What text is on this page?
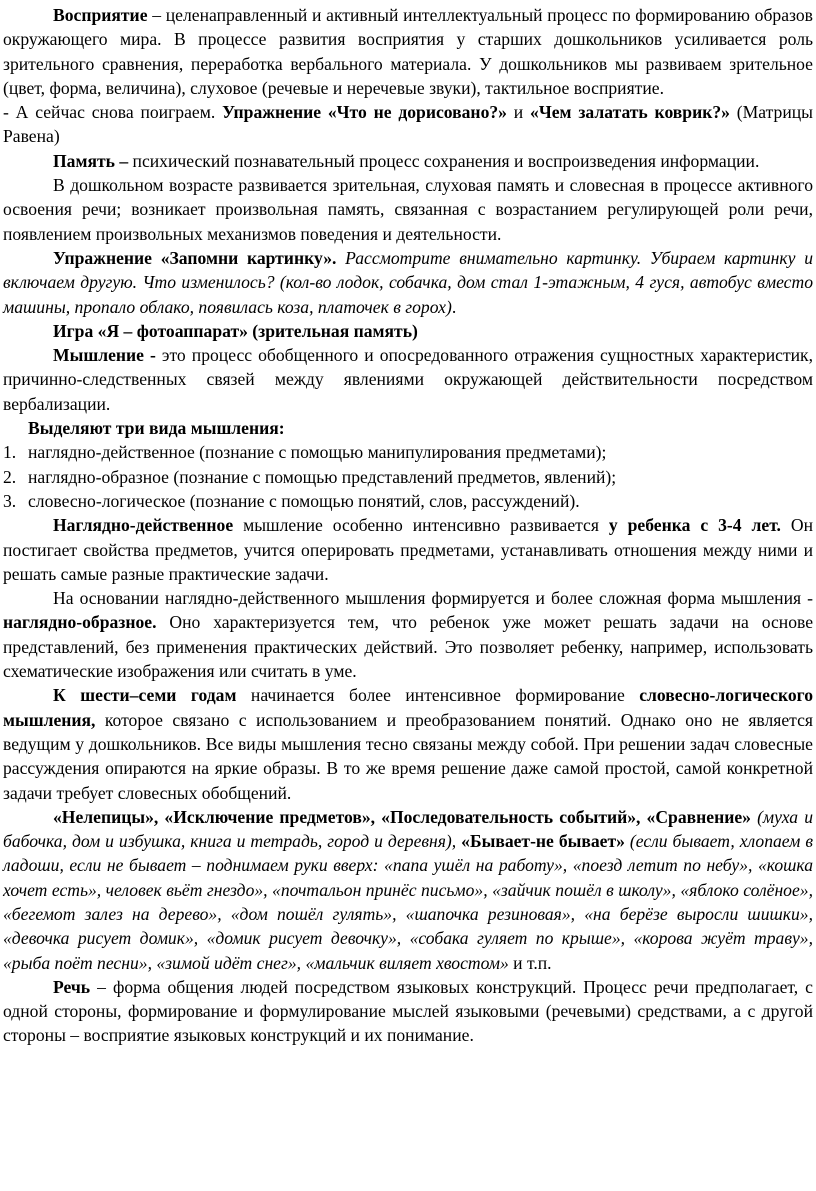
Восприятие – целенаправленный и активный интеллектуальный процесс по формированию образов окружающего мира. В процессе развития восприятия у старших дошкольников усиливается роль зрительного сравнения, переработка вербального материала. У дошкольников мы развиваем зрительное (цвет, форма, величина), слуховое (речевые и неречевые звуки), тактильное восприятие.

- А сейчас снова поиграем. Упражнение «Что не дорисовано?» и «Чем залатать коврик?» (Матрицы Равена)

Память – психический познавательный процесс сохранения и воспроизведения информации.

В дошкольном возрасте развивается зрительная, слуховая память и словесная в процессе активного освоения речи; возникает произвольная память, связанная с возрастанием регулирующей роли речи, появлением произвольных механизмов поведения и деятельности.

Упражнение «Запомни картинку». Рассмотрите внимательно картинку. Убираем картинку и включаем другую. Что изменилось? (кол-во лодок, собачка, дом стал 1-этажным, 4 гуся, автобус вместо машины, пропало облако, появилась коза, платочек в горох).

Игра «Я – фотоаппарат» (зрительная память)

Мышление - это процесс обобщенного и опосредованного отражения сущностных характеристик, причинно-следственных связей между явлениями окружающей действительности посредством вербализации.

Выделяют три вида мышления:

1. наглядно-действенное (познание с помощью манипулирования предметами);
2. наглядно-образное (познание с помощью представлений предметов, явлений);
3. словесно-логическое (познание с помощью понятий, слов, рассуждений).

Наглядно-действенное мышление особенно интенсивно развивается у ребенка с 3-4 лет. Он постигает свойства предметов, учится оперировать предметами, устанавливать отношения между ними и решать самые разные практические задачи.

На основании наглядно-действенного мышления формируется и более сложная форма мышления - наглядно-образное. Оно характеризуется тем, что ребенок уже может решать задачи на основе представлений, без применения практических действий. Это позволяет ребенку, например, использовать схематические изображения или считать в уме.

К шести–семи годам начинается более интенсивное формирование словесно-логического мышления, которое связано с использованием и преобразованием понятий. Однако оно не является ведущим у дошкольников. Все виды мышления тесно связаны между собой. При решении задач словесные рассуждения опираются на яркие образы. В то же время решение даже самой простой, самой конкретной задачи требует словесных обобщений.

«Нелепицы», «Исключение предметов», «Последовательность событий», «Сравнение» (муха и бабочка, дом и избушка, книга и тетрадь, город и деревня), «Бывает-не бывает» (если бывает, хлопаем в ладоши, если не бывает – поднимаем руки вверх: «папа ушёл на работу», «поезд летит по небу», «кошка хочет есть», человек вьёт гнездо», «почтальон принёс письмо», «зайчик пошёл в школу», «яблоко солёное», «бегемот залез на дерево», «дом пошёл гулять», «шапочка резиновая», «на берёзе выросли шишки», «девочка рисует домик», «домик рисует девочку», «собака гуляет по крыше», «корова жуёт траву», «рыба поёт песни», «зимой идёт снег», «мальчик виляет хвостом» и т.п.

Речь – форма общения людей посредством языковых конструкций. Процесс речи предполагает, с одной стороны, формирование и формулирование мыслей языковыми (речевыми) средствами, а с другой стороны – восприятие языковых конструкций и их понимание.
